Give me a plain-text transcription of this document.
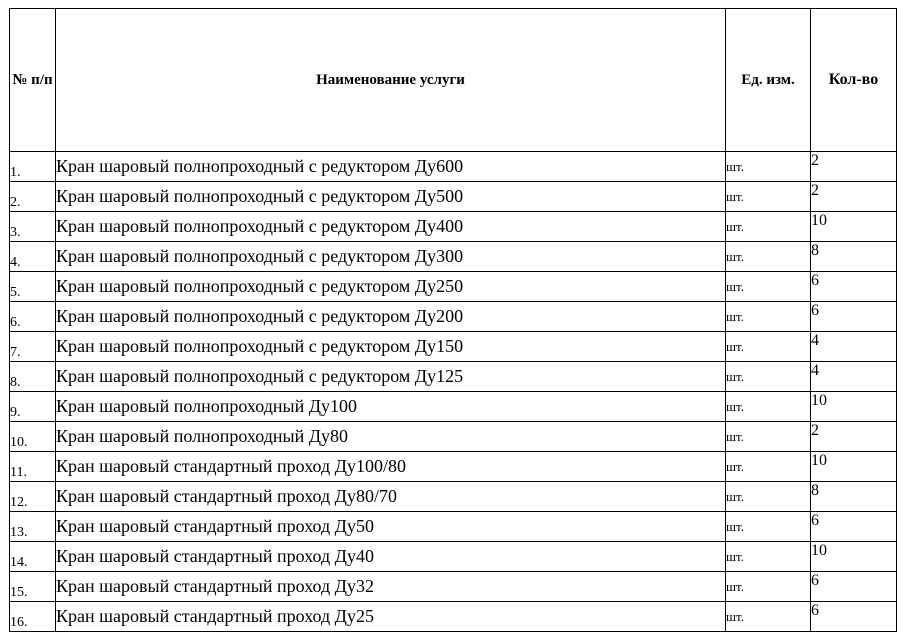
№ п/п	Наименование услуги	Ед. изм.	Кол-во
1.	Кран шаровый полнопроходный с редуктором Ду600	шт.	2
2.	Кран шаровый полнопроходный с редуктором Ду500	шт.	2
3.	Кран шаровый полнопроходный с редуктором Ду400	шт.	10
4.	Кран шаровый полнопроходный с редуктором Ду300	шт.	8
5.	Кран шаровый полнопроходный с редуктором Ду250	шт.	6
6.	Кран шаровый полнопроходный с редуктором Ду200	шт.	6
7.	Кран шаровый полнопроходный с редуктором Ду150	шт.	4
8.	Кран шаровый полнопроходный с редуктором Ду125	шт.	4
9.	Кран шаровый полнопроходный Ду100	шт.	10
10.	Кран шаровый полнопроходный Ду80	шт.	2
11.	Кран шаровый стандартный проход Ду100/80	шт.	10
12.	Кран шаровый стандартный проход Ду80/70	шт.	8
13.	Кран шаровый стандартный проход Ду50	шт.	6
14.	Кран шаровый стандартный проход Ду40	шт.	10
15.	Кран шаровый стандартный проход Ду32	шт.	6
16.	Кран шаровый стандартный проход Ду25	шт.	6
